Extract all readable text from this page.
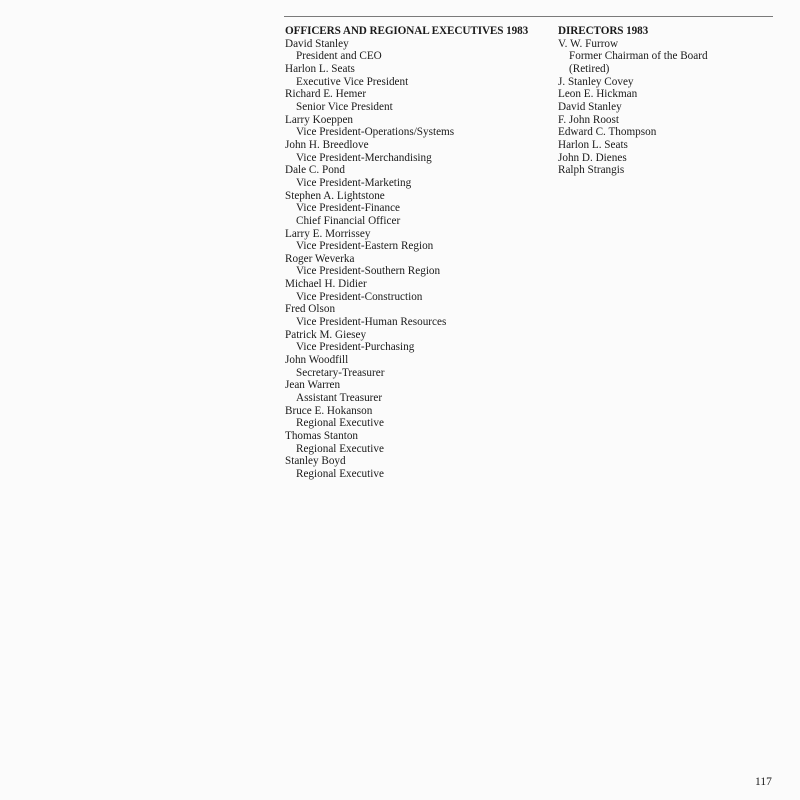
OFFICERS AND REGIONAL EXECUTIVES 1983
David Stanley
President and CEO
Harlon L. Seats
Executive Vice President
Richard E. Hemer
Senior Vice President
Larry Koeppen
Vice President-Operations/Systems
John H. Breedlove
Vice President-Merchandising
Dale C. Pond
Vice President-Marketing
Stephen A. Lightstone
Vice President-Finance
Chief Financial Officer
Larry E. Morrissey
Vice President-Eastern Region
Roger Weverka
Vice President-Southern Region
Michael H. Didier
Vice President-Construction
Fred Olson
Vice President-Human Resources
Patrick M. Giesey
Vice President-Purchasing
John Woodfill
Secretary-Treasurer
Jean Warren
Assistant Treasurer
Bruce E. Hokanson
Regional Executive
Thomas Stanton
Regional Executive
Stanley Boyd
Regional Executive
DIRECTORS 1983
V. W. Furrow
Former Chairman of the Board
(Retired)
J. Stanley Covey
Leon E. Hickman
David Stanley
F. John Roost
Edward C. Thompson
Harlon L. Seats
John D. Dienes
Ralph Strangis
117
